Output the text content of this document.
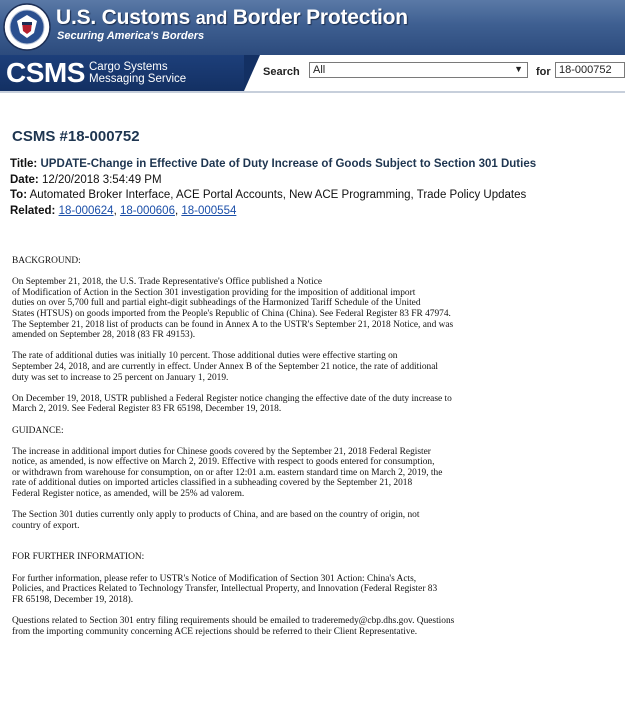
U.S. Customs and Border Protection
Securing America's Borders
CSMS Cargo Systems
Messaging Service
Search	All	▼ for 18-000752
CSMS #18-000752
Title: UPDATE-Change in Effective Date of Duty Increase of Goods Subject to Section 301 Duties
Date: 12/20/2018 3:54:49 PM
To: Automated Broker Interface, ACE Portal Accounts, New ACE Programming, Trade Policy Updates
Related: 18-000624, 18-000606, 18-000554

BACKGROUND:

On September 21, 2018, the U.S. Trade Representative's Office published a Notice
of Modification of Action in the Section 301 investigation providing for the imposition of additional import
duties on over 5,700 full and partial eight-digit subheadings of the Harmonized Tariff Schedule of the United
States (HTSUS) on goods imported from the People's Republic of China (China). See Federal Register 83 FR 47974.
The September 21, 2018 list of products can be found in Annex A to the USTR's September 21, 2018 Notice, and was
amended on September 28, 2018 (83 FR 49153).

The rate of additional duties was initially 10 percent. Those additional duties were effective starting on
September 24, 2018, and are currently in effect. Under Annex B of the September 21 notice, the rate of additional
duty was set to increase to 25 percent on January 1, 2019.

On December 19, 2018, USTR published a Federal Register notice changing the effective date of the duty increase to
March 2, 2019. See Federal Register 83 FR 65198, December 19, 2018.

GUIDANCE:

The increase in additional import duties for Chinese goods covered by the September 21, 2018 Federal Register
notice, as amended, is now effective on March 2, 2019. Effective with respect to goods entered for consumption,
or withdrawn from warehouse for consumption, on or after 12:01 a.m. eastern standard time on March 2, 2019, the
rate of additional duties on imported articles classified in a subheading covered by the September 21, 2018
Federal Register notice, as amended, will be 25% ad valorem.

The Section 301 duties currently only apply to products of China, and are based on the country of origin, not
country of export.

FOR FURTHER INFORMATION:

For further information, please refer to USTR's Notice of Modification of Section 301 Action: China's Acts,
Policies, and Practices Related to Technology Transfer, Intellectual Property, and Innovation (Federal Register 83
FR 65198, December 19, 2018).

Questions related to Section 301 entry filing requirements should be emailed to traderemedy@cbp.dhs.gov. Questions
from the importing community concerning ACE rejections should be referred to their Client Representative.
